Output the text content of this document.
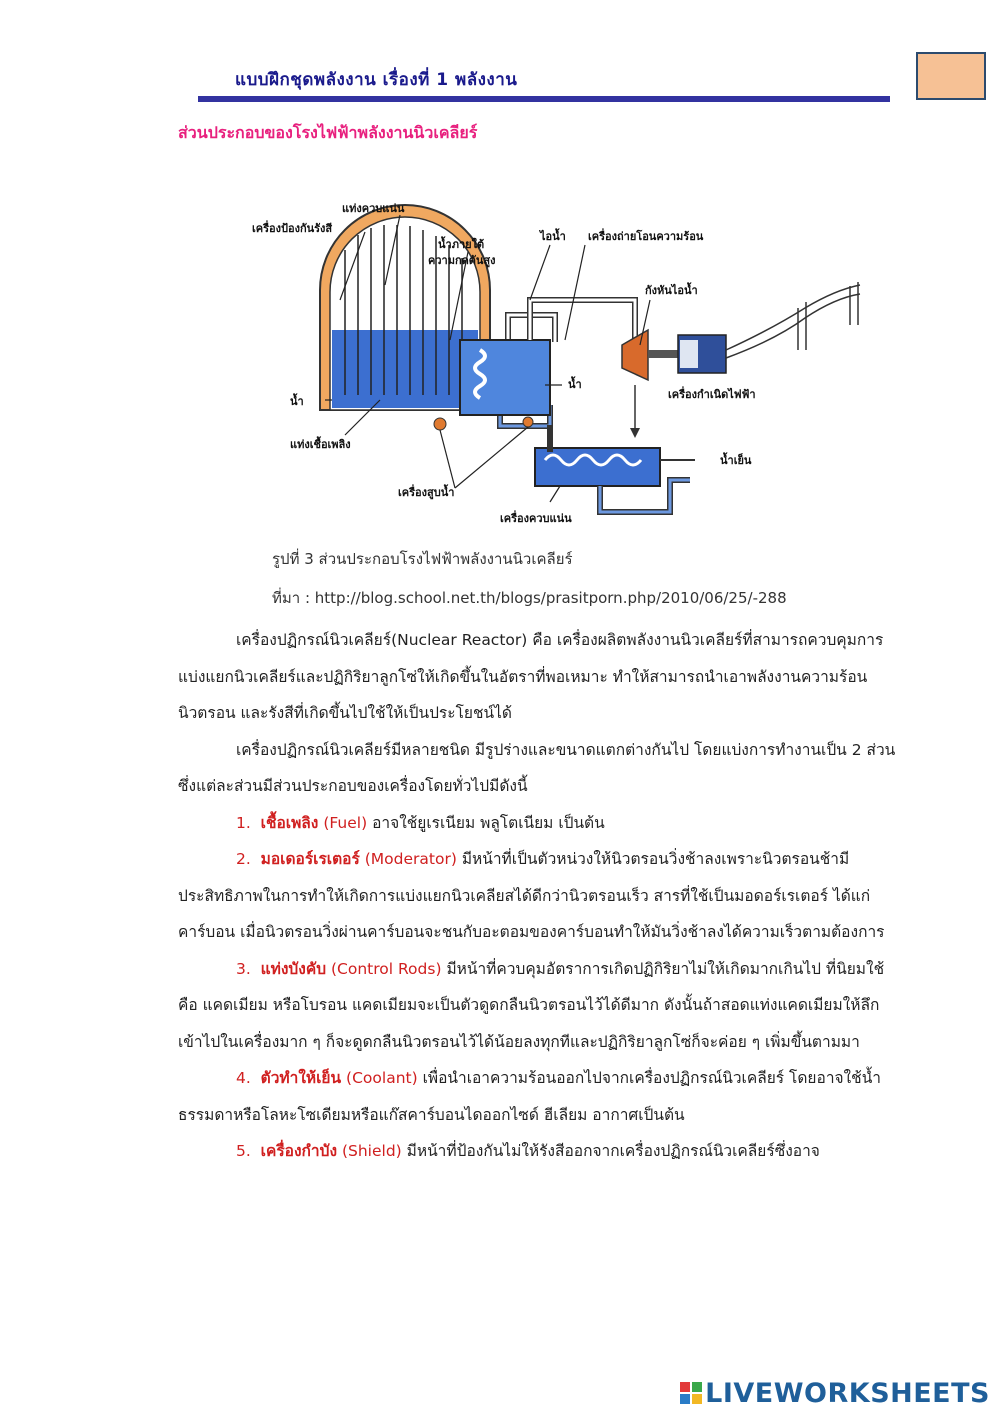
แบบฝึกชุดพลังงาน เรื่องที่ 1 พลังงาน
ส่วนประกอบของโรงไฟฟ้าพลังงานนิวเคลียร์
แท่งควบแน่น
เครื่องป้องกันรังสี
น้ำภายใต้
ความกดดันสูง
ไอน้ำ เครื่องถ่ายโอนความร้อน
กังหันไอน้ำ
น้ำ
น้ำ
เครื่องกำเนิดไฟฟ้า
แท่งเชื้อเพลิง
น้ำเย็น
เครื่องสูบน้ำ
เครื่องควบแน่น
รูปที่ 3 ส่วนประกอบโรงไฟฟ้าพลังงานนิวเคลียร์
ที่มา : http://blog.school.net.th/blogs/prasitporn.php/2010/06/25/-288

เครื่องปฏิกรณ์นิวเคลียร์(Nuclear Reactor) คือ เครื่องผลิตพลังงานนิวเคลียร์ที่สามารถควบคุมการแบ่งแยกนิวเคลียร์และปฏิกิริยาลูกโซ่ให้เกิดขึ้นในอัตราที่พอเหมาะ ทำให้สามารถนำเอาพลังงานความร้อน นิวตรอน และรังสีที่เกิดขึ้นไปใช้ให้เป็นประโยชน์ได้

เครื่องปฏิกรณ์นิวเคลียร์มีหลายชนิด มีรูปร่างและขนาดแตกต่างกันไป โดยแบ่งการทำงานเป็น 2 ส่วน ซึ่งแต่ละส่วนมีส่วนประกอบของเครื่องโดยทั่วไปมีดังนี้

1. เชื้อเพลิง (Fuel) อาจใช้ยูเรเนียม พลูโตเนียม เป็นต้น

2. มอเดอร์เรเตอร์ (Moderator) มีหน้าที่เป็นตัวหน่วงให้นิวตรอนวิ่งช้าลงเพราะนิวตรอนช้ามีประสิทธิภาพในการทำให้เกิดการแบ่งแยกนิวเคลียสได้ดีกว่านิวตรอนเร็ว สารที่ใช้เป็นมอดอร์เรเตอร์ ได้แก่ คาร์บอน เมื่อนิวตรอนวิ่งผ่านคาร์บอนจะชนกับอะตอมของคาร์บอนทำให้มันวิ่งช้าลงได้ความเร็วตามต้องการ

3. แท่งบังคับ (Control Rods) มีหน้าที่ควบคุมอัตราการเกิดปฏิกิริยาไม่ให้เกิดมากเกินไป ที่นิยมใช้คือ แคดเมียม หรือโบรอน แคดเมียมจะเป็นตัวดูดกลืนนิวตรอนไว้ได้ดีมาก ดังนั้นถ้าสอดแท่งแคดเมียมให้ลึกเข้าไปในเครื่องมาก ๆ ก็จะดูดกลืนนิวตรอนไว้ได้น้อยลงทุกทีและปฏิกิริยาลูกโซ่ก็จะค่อย ๆ เพิ่มขึ้นตามมา

4. ตัวทำให้เย็น (Coolant) เพื่อนำเอาความร้อนออกไปจากเครื่องปฏิกรณ์นิวเคลียร์ โดยอาจใช้น้ำธรรมดาหรือโลหะโซเดียมหรือแก๊สคาร์บอนไดออกไซด์ ฮีเลียม อากาศเป็นต้น

5. เครื่องกำบัง (Shield) มีหน้าที่ป้องกันไม่ให้รังสีออกจากเครื่องปฏิกรณ์นิวเคลียร์ซึ่งอาจ

LIVEWORKSHEETS
